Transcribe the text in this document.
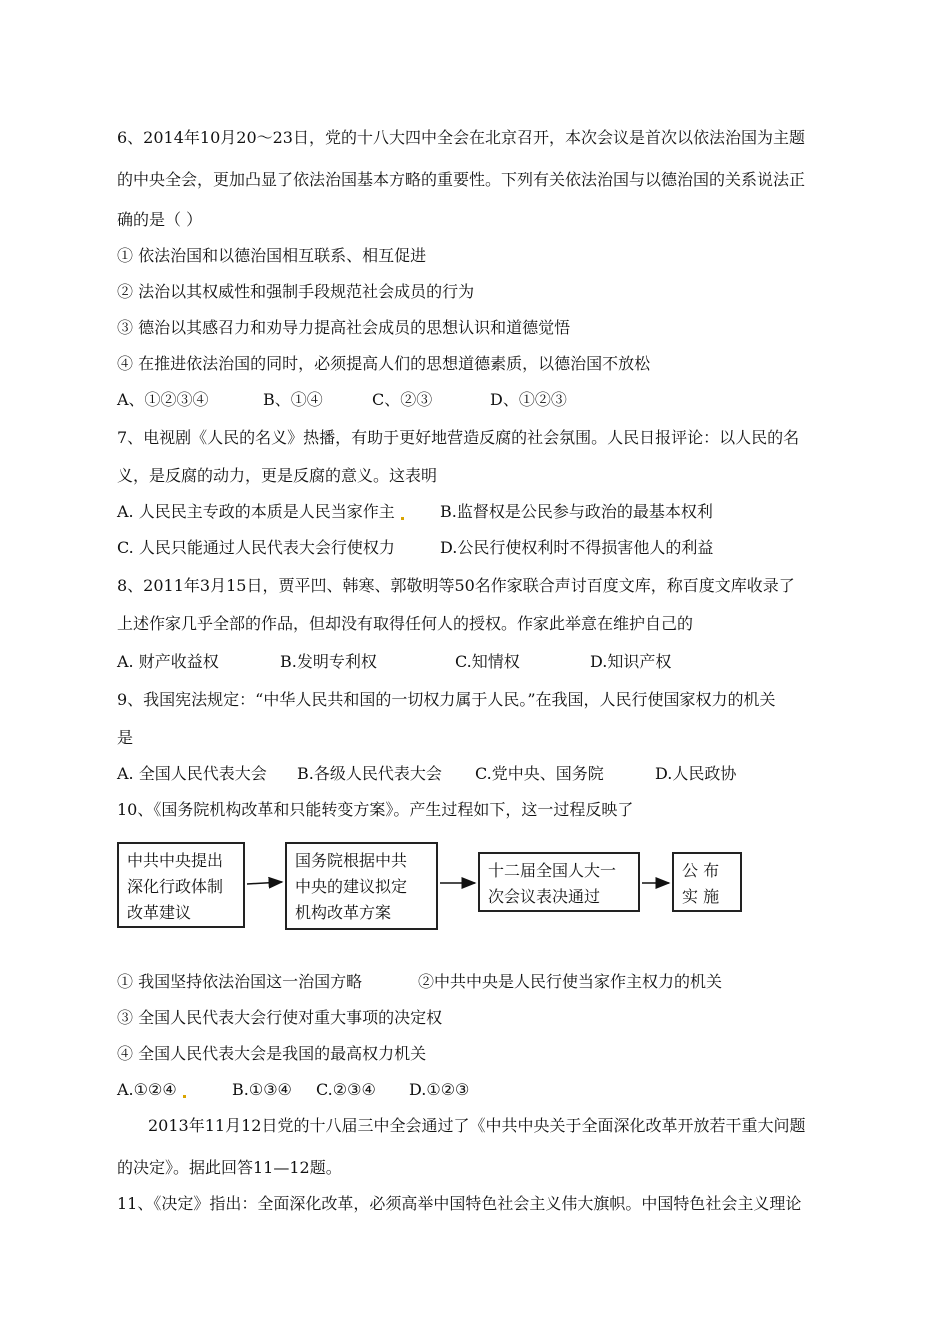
6、2014年10月20～23日，党的十八大四中全会在北京召开，本次会议是首次以依法治国为主题
的中央全会，更加凸显了依法治国基本方略的重要性。下列有关依法治国与以德治国的关系说法正
确的是（ ）
① 依法治国和以德治国相互联系、相互促进
② 法治以其权威性和强制手段规范社会成员的行为
③ 德治以其感召力和劝导力提高社会成员的思想认识和道德觉悟
④ 在推进依法治国的同时，必须提高人们的思想道德素质，以德治国不放松
A、①②③④	B、①④	C、②③	D、①②③
7、电视剧《人民的名义》热播，有助于更好地营造反腐的社会氛围。人民日报评论：以人民的名
义，是反腐的动力，更是反腐的意义。这表明
A. 人民民主专政的本质是人民当家作主	B.监督权是公民参与政治的最基本权利
C. 人民只能通过人民代表大会行使权力	D.公民行使权利时不得损害他人的利益
8、2011年3月15日，贾平凹、韩寒、郭敬明等50名作家联合声讨百度文库，称百度文库收录了
上述作家几乎全部的作品，但却没有取得任何人的授权。作家此举意在维护自己的
A. 财产收益权	B.发明专利权	C.知情权	D.知识产权
9、我国宪法规定：“中华人民共和国的一切权力属于人民。”在我国，人民行使国家权力的机关
是
A. 全国人民代表大会 B.各级人民代表大会 C.党中央、国务院	D.人民政协
10、《国务院机构改革和只能转变方案》。产生过程如下，这一过程反映了
中共中央提出
深化行政体制
改革建议
国务院根据中共
中央的建议拟定
机构改革方案
十二届全国人大一
次会议表决通过
公 布
实 施
① 我国坚持依法治国这一治国方略	②中共中央是人民行使当家作主权力的机关
③ 全国人民代表大会行使对重大事项的决定权
④ 全国人民代表大会是我国的最高权力机关
A.①②④	B.①③④ C.②③④ D.①②③
2013年11月12日党的十八届三中全会通过了《中共中央关于全面深化改革开放若干重大问题
的决定》。据此回答11—12题。
11、《决定》指出：全面深化改革，必须高举中国特色社会主义伟大旗帜。中国特色社会主义理论
